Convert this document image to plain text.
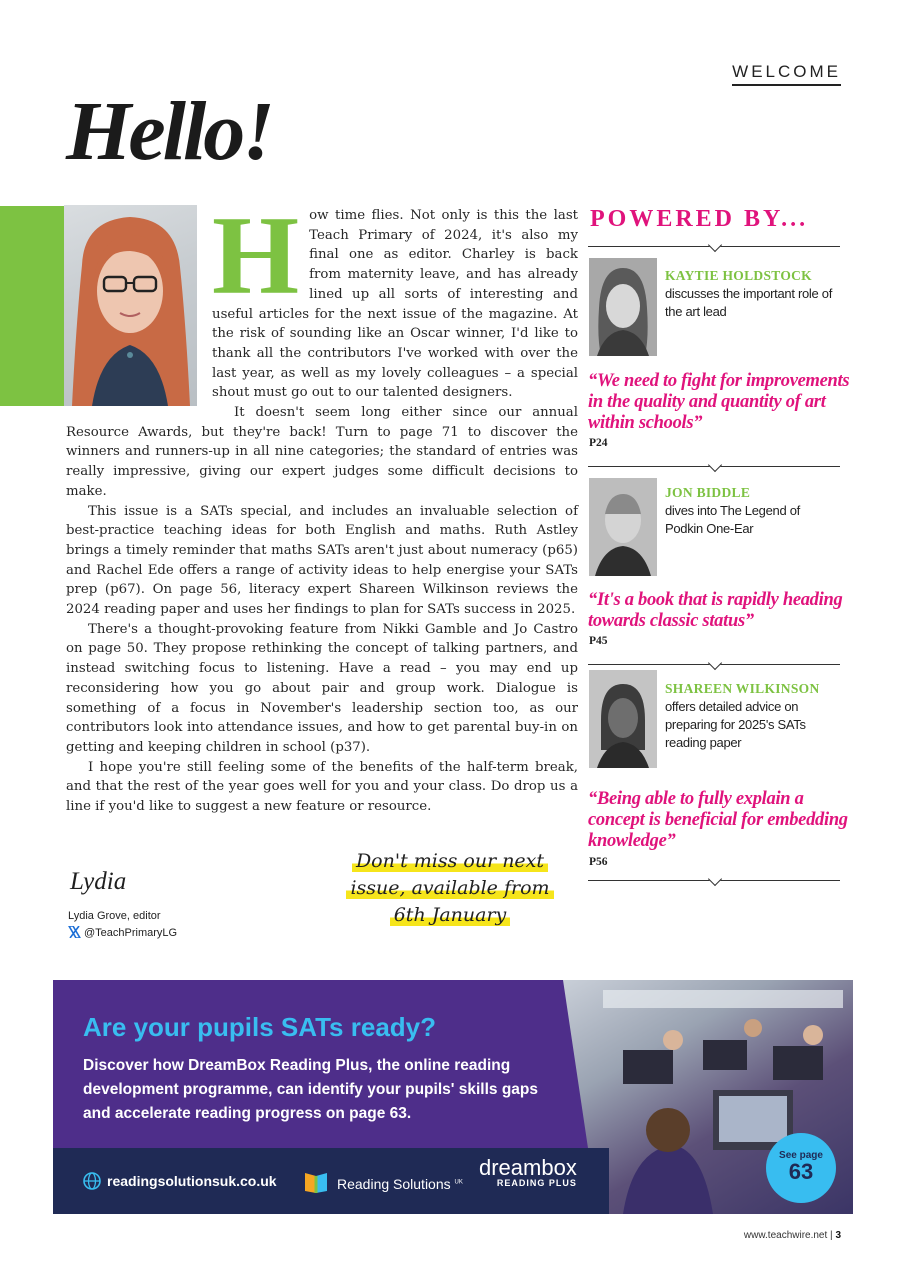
WELCOME
Hello!
H ow time flies. Not only is this the last Teach Primary of 2024, it's also my final one as editor. Charley is back from maternity leave, and has already lined up all sorts of interesting and useful articles for the next issue of the magazine. At the risk of sounding like an Oscar winner, I'd like to thank all the contributors I've worked with over the last year, as well as my lovely colleagues – a special shout must go out to our talented designers.

It doesn't seem long either since our annual Resource Awards, but they're back! Turn to page 71 to discover the winners and runners-up in all nine categories; the standard of entries was really impressive, giving our expert judges some difficult decisions to make.

This issue is a SATs special, and includes an invaluable selection of best-practice teaching ideas for both English and maths. Ruth Astley brings a timely reminder that maths SATs aren't just about numeracy (p65) and Rachel Ede offers a range of activity ideas to help energise your SATs prep (p67). On page 56, literacy expert Shareen Wilkinson reviews the 2024 reading paper and uses her findings to plan for SATs success in 2025.

There's a thought-provoking feature from Nikki Gamble and Jo Castro on page 50. They propose rethinking the concept of talking partners, and instead switching focus to listening. Have a read – you may end up reconsidering how you go about pair and group work. Dialogue is something of a focus in November's leadership section too, as our contributors look into attendance issues, and how to get parental buy-in on getting and keeping children in school (p37).

I hope you're still feeling some of the benefits of the half-term break, and that the rest of the year goes well for you and your class. Do drop us a line if you'd like to suggest a new feature or resource.

Lydia
Lydia Grove, editor
@TeachPrimaryLG
Don't miss our next
issue, available from
6th January
POWERED BY...
KAYTIE HOLDSTOCK
discusses the important role of the art lead
“We need to fight for improvements in the quality and quantity of art within schools”
P24
JON BIDDLE
dives into The Legend of Podkin One-Ear
“It's a book that is rapidly heading towards classic status”
P45
SHAREEN WILKINSON
offers detailed advice on preparing for 2025's SATs reading paper
“Being able to fully explain a concept is beneficial for embedding knowledge”
P56
Are your pupils SATs ready?
Discover how DreamBox Reading Plus, the online reading development programme, can identify your pupils' skills gaps and accelerate reading progress on page 63.
readingsolutionsuk.co.uk	Reading Solutions $^{UK}$
dreambox
READING PLUS
See page
63
www.teachwire.net | 3
